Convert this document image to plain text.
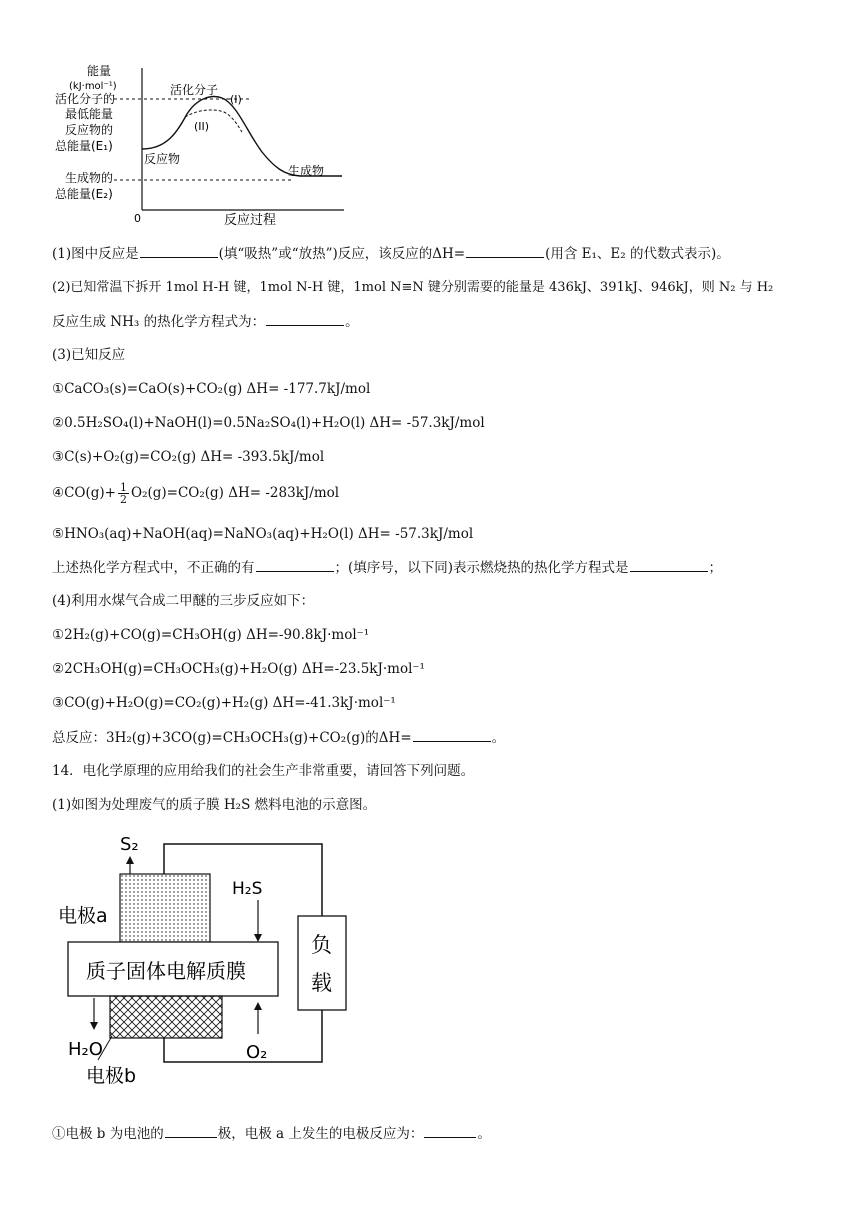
能量
(kJ·mol⁻¹)
活化分子的
最低能量
反应物的
总能量(E₁)
生成物的
总能量(E₂)
0	反应过程
活化分子
(I)
(II)
反应物
生成物
(1)图中反应是	(填“吸热”或“放热”)反应，该反应的ΔH=	(用含 E₁、E₂ 的代数式表示)。
(2)已知常温下拆开 1mol H-H 键，1mol N-H 键，1mol N≡N 键分别需要的能量是 436kJ、391kJ、946kJ，则 N₂ 与 H₂
反应生成 NH₃ 的热化学方程式为：	。
(3)已知反应
①CaCO₃(s)=CaO(s)+CO₂(g) ΔH= -177.7kJ/mol
②0.5H₂SO₄(l)+NaOH(l)=0.5Na₂SO₄(l)+H₂O(l) ΔH= -57.3kJ/mol
③C(s)+O₂(g)=CO₂(g) ΔH= -393.5kJ/mol
④CO(g)+ $\frac{1}{2} O_2(g)=CO_2(g)$ ΔH= -283kJ/mol
⑤HNO₃(aq)+NaOH(aq)=NaNO₃(aq)+H₂O(l) ΔH= -57.3kJ/mol
上述热化学方程式中，不正确的有	；(填序号，以下同)表示燃烧热的热化学方程式是	；
(4)利用水煤气合成二甲醚的三步反应如下：
①2H₂(g)+CO(g)=CH₃OH(g) ΔH=-90.8kJ·mol⁻¹
②2CH₃OH(g)=CH₃OCH₃(g)+H₂O(g) ΔH=-23.5kJ·mol⁻¹
③CO(g)+H₂O(g)=CO₂(g)+H₂(g) ΔH=-41.3kJ·mol⁻¹
总反应：3H₂(g)+3CO(g)=CH₃OCH₃(g)+CO₂(g)的ΔH=	。
14．电化学原理的应用给我们的社会生产非常重要，请回答下列问题。
(1)如图为处理废气的质子膜 H₂S 燃料电池的示意图。
S₂
H₂S
电极a
质子固体电解质膜
负
载
H₂O	O₂
电极b
①电极 b 为电池的	极，电极 a 上发生的电极反应为：	。
